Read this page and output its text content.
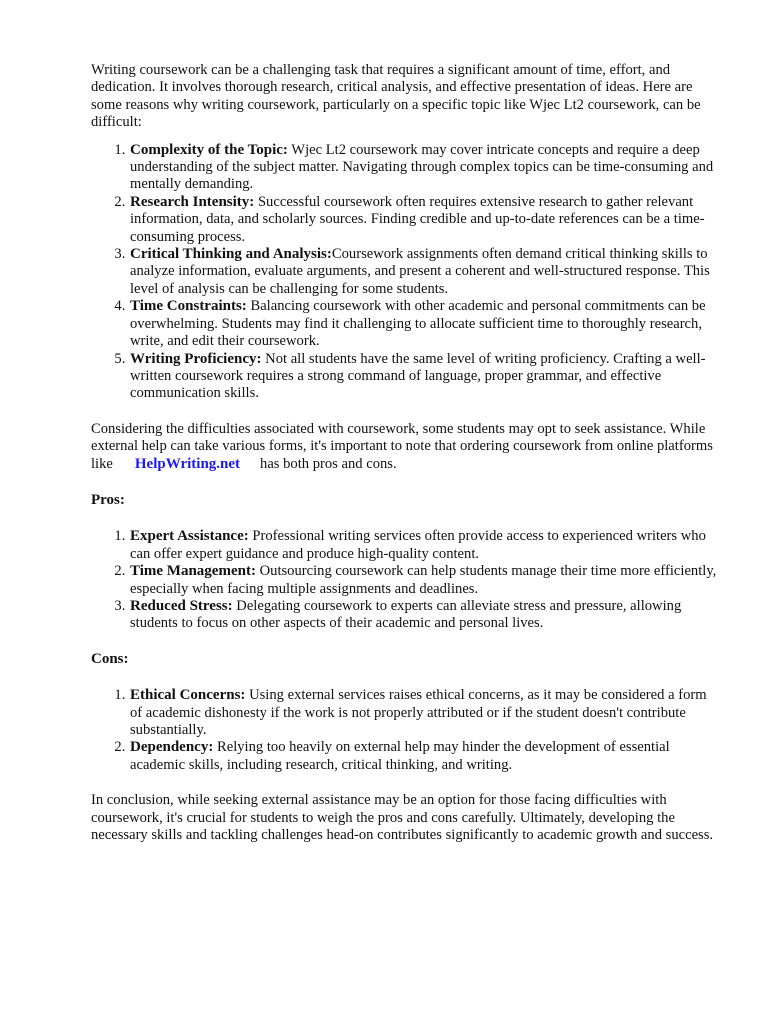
Writing coursework can be a challenging task that requires a significant amount of time, effort, and dedication. It involves thorough research, critical analysis, and effective presentation of ideas. Here are some reasons why writing coursework, particularly on a specific topic like Wjec Lt2 coursework, can be difficult:

1. Complexity of the Topic: Wjec Lt2 coursework may cover intricate concepts and require a deep understanding of the subject matter. Navigating through complex topics can be time-consuming and mentally demanding.
2. Research Intensity: Successful coursework often requires extensive research to gather relevant information, data, and scholarly sources. Finding credible and up-to-date references can be a time-consuming process.
3. Critical Thinking and Analysis:Coursework assignments often demand critical thinking skills to analyze information, evaluate arguments, and present a coherent and well-structured response. This level of analysis can be challenging for some students.
4. Time Constraints: Balancing coursework with other academic and personal commitments can be overwhelming. Students may find it challenging to allocate sufficient time to thoroughly research, write, and edit their coursework.
5. Writing Proficiency: Not all students have the same level of writing proficiency. Crafting a well-written coursework requires a strong command of language, proper grammar, and effective communication skills.

Considering the difficulties associated with coursework, some students may opt to seek assistance. While external help can take various forms, it's important to note that ordering coursework from online platforms like HelpWriting.net has both pros and cons.

Pros:

1. Expert Assistance: Professional writing services often provide access to experienced writers who can offer expert guidance and produce high-quality content.
2. Time Management: Outsourcing coursework can help students manage their time more efficiently, especially when facing multiple assignments and deadlines.
3. Reduced Stress: Delegating coursework to experts can alleviate stress and pressure, allowing students to focus on other aspects of their academic and personal lives.

Cons:

1. Ethical Concerns: Using external services raises ethical concerns, as it may be considered a form of academic dishonesty if the work is not properly attributed or if the student doesn't contribute substantially.
2. Dependency: Relying too heavily on external help may hinder the development of essential academic skills, including research, critical thinking, and writing.

In conclusion, while seeking external assistance may be an option for those facing difficulties with coursework, it's crucial for students to weigh the pros and cons carefully. Ultimately, developing the necessary skills and tackling challenges head-on contributes significantly to academic growth and success.
